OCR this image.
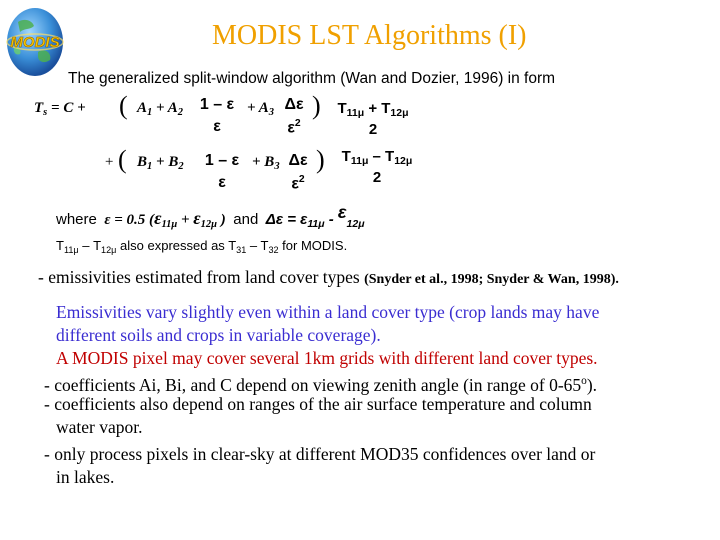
MODIS	MODIS LST Algorithms (I)
The generalized split-window algorithm (Wan and Dozier, 1996) in form
$T_s = C$ + ( $A_1 + A_2$	1 – ε
ε
+ $A_3$ Δε
$\varepsilon^2$
)	$T_{11\mu} + T_{12\mu}$
2
+ ( $B_1 + B_2$	1 – ε
ε
+ $B_3$ Δε
$\varepsilon^2$
)	$T_{11\mu} - T_{12\mu}$
2
where ε = 0.5 ($\varepsilon_{11\mu} + \varepsilon_{12\mu}$ ) and $\Delta\varepsilon = \varepsilon_{11\mu} - \varepsilon_{12\mu}$
$T_{11\mu} - T_{12\mu}$ also expressed as $T_{31} - T_{32}$ for MODIS.
- emissivities estimated from land cover types (Snyder et al., 1998; Snyder & Wan, 1998).
Emissivities vary slightly even within a land cover type (crop lands may have
different soils and crops in variable coverage).
A MODIS pixel may cover several 1km grids with different land cover types.
- coefficients Ai, Bi, and C depend on viewing zenith angle (in range of 0-65$^o$).
- coefficients also depend on ranges of the air surface temperature and column
water vapor.
- only process pixels in clear-sky at different MOD35 confidences over land or
in lakes.
